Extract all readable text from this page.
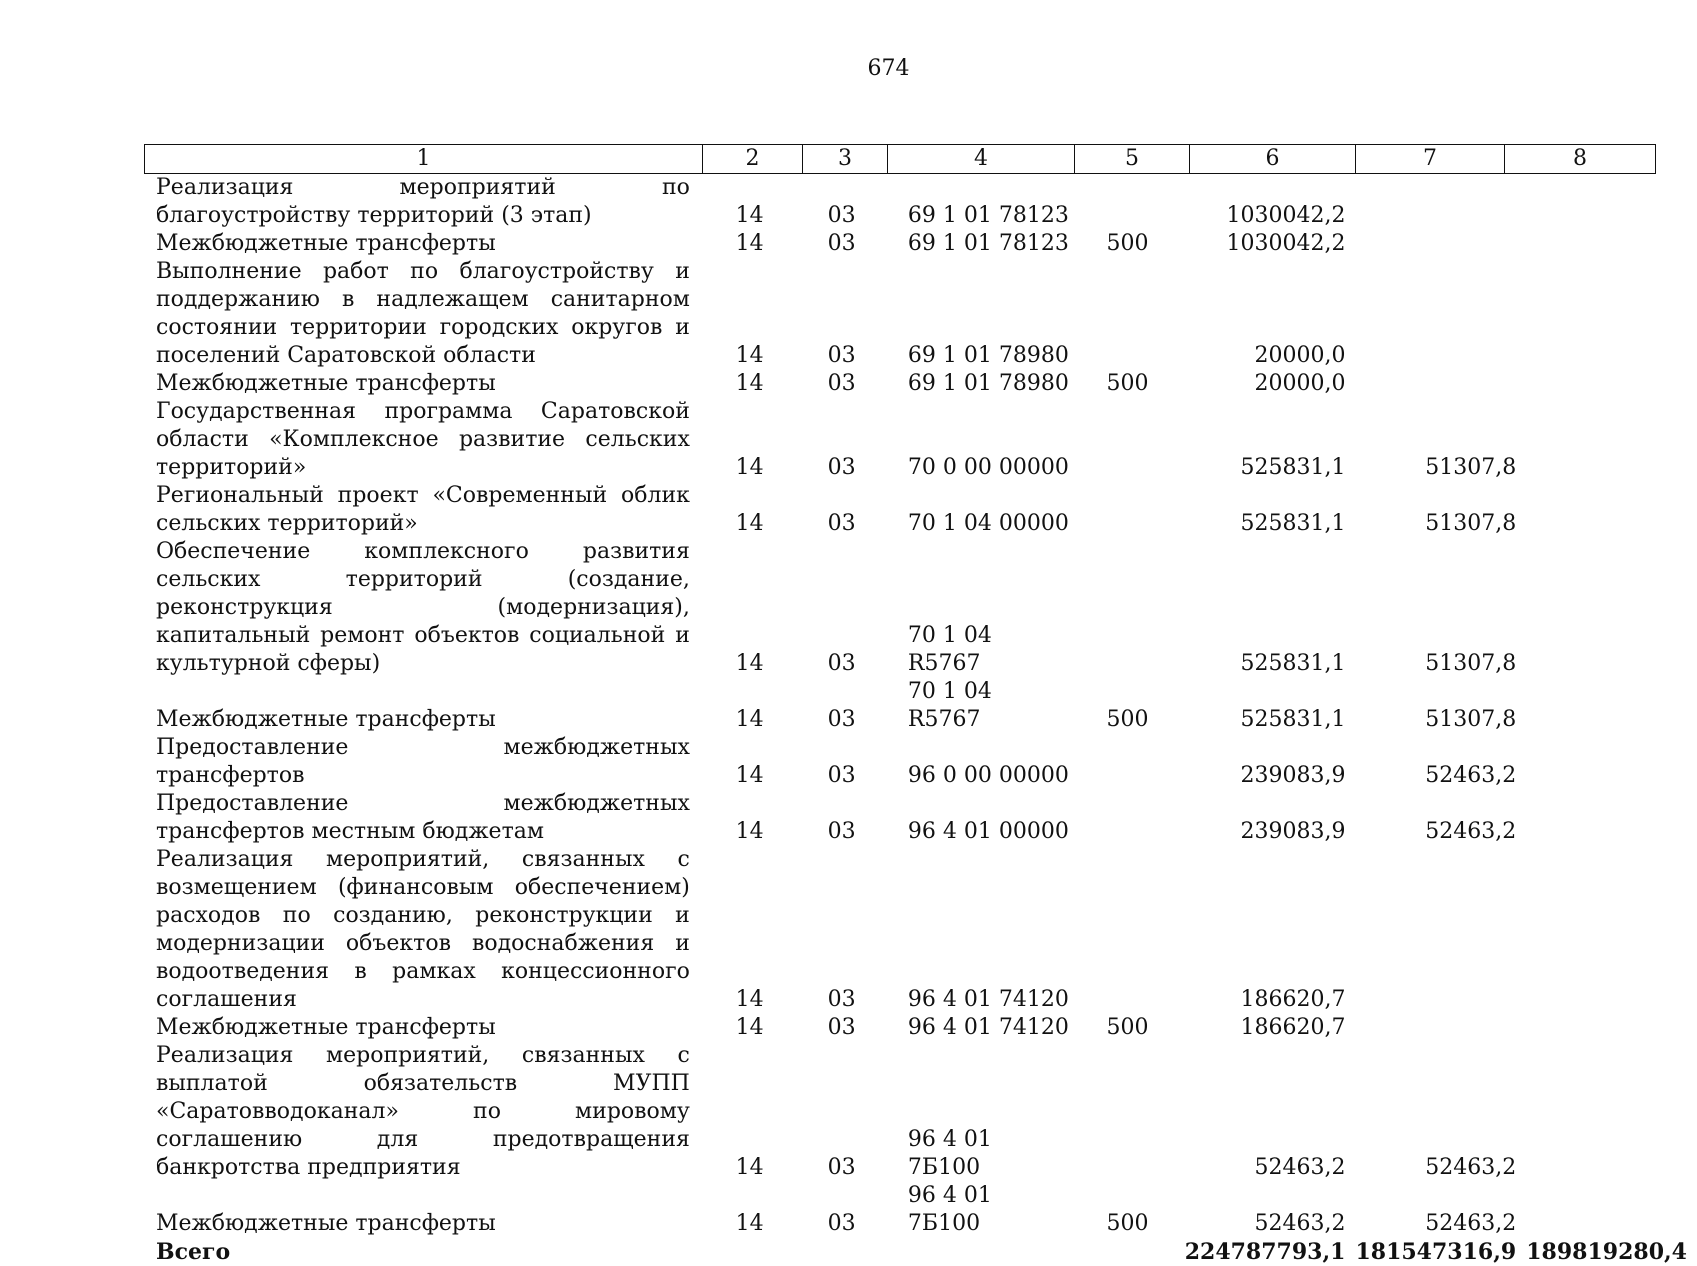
674
1	2	3	4	5	6	7	8
Реализация мероприятий по благоустройству территорий (3 этап)	14	03	69 1 01 78123		1030042,2		
Межбюджетные трансферты	14	03	69 1 01 78123	500	1030042,2		
Выполнение работ по благоустройству и поддержанию в надлежащем санитарном состоянии территории городских округов и поселений Саратовской области	14	03	69 1 01 78980		20000,0		
Межбюджетные трансферты	14	03	69 1 01 78980	500	20000,0		
Государственная программа Саратовской области «Комплексное развитие сельских территорий»	14	03	70 0 00 00000		525831,1	51307,8	
Региональный проект «Современный облик сельских территорий»	14	03	70 1 04 00000		525831,1	51307,8	
Обеспечение комплексного развития сельских территорий (создание, реконструкция (модернизация), капитальный ремонт объектов социальной и культурной сферы)	14	03	70 1 04 R5767		525831,1	51307,8	
Межбюджетные трансферты	14	03	70 1 04 R5767	500	525831,1	51307,8	
Предоставление межбюджетных трансфертов	14	03	96 0 00 00000		239083,9	52463,2	
Предоставление межбюджетных трансфертов местным бюджетам	14	03	96 4 01 00000		239083,9	52463,2	
Реализация мероприятий, связанных с возмещением (финансовым обеспечением) расходов по созданию, реконструкции и модернизации объектов водоснабжения и водоотведения в рамках концессионного соглашения	14	03	96 4 01 74120		186620,7		
Межбюджетные трансферты	14	03	96 4 01 74120	500	186620,7		
Реализация мероприятий, связанных с выплатой обязательств МУПП «Саратовводоканал» по мировому соглашению для предотвращения банкротства предприятия	14	03	96 4 01 7Б100		52463,2	52463,2	
Межбюджетные трансферты	14	03	96 4 01 7Б100	500	52463,2	52463,2	
Всего					224787793,1	181547316,9	189819280,4
